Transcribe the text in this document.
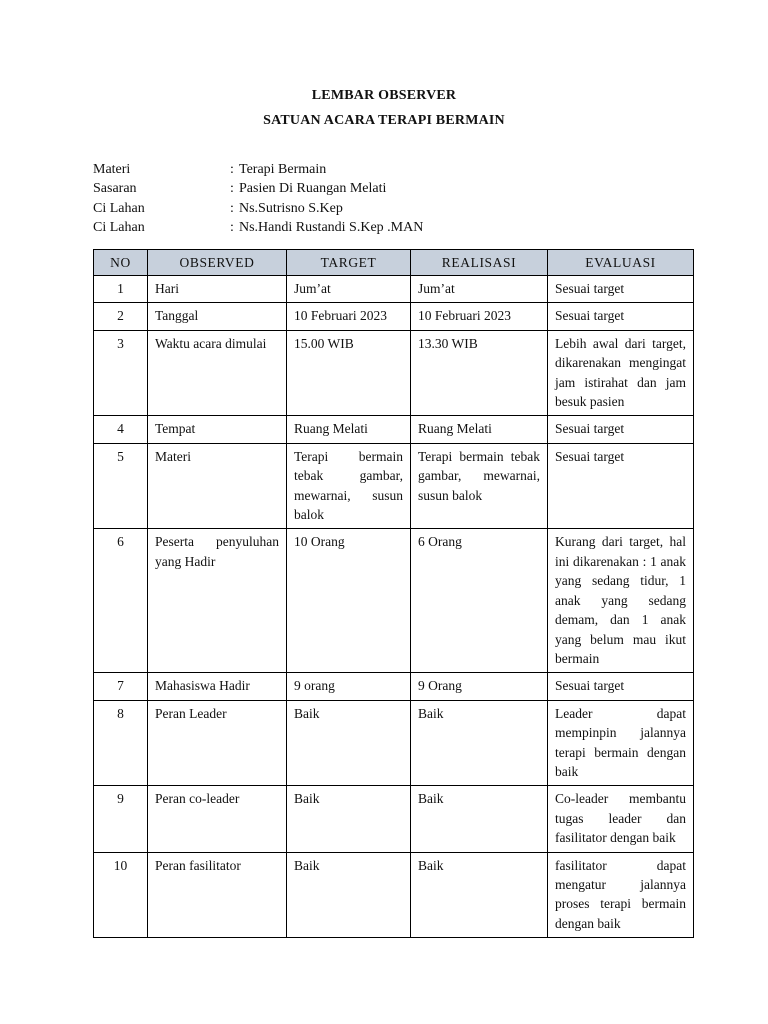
LEMBAR OBSERVER
SATUAN ACARA TERAPI BERMAIN
Materi	: Terapi Bermain
Sasaran	: Pasien Di Ruangan Melati
Ci Lahan	: Ns.Sutrisno S.Kep
Ci Lahan	: Ns.Handi Rustandi S.Kep .MAN
NO	OBSERVED	TARGET	REALISASI	EVALUASI
1	Hari	Jum’at	Jum’at	Sesuai target
2	Tanggal	10 Februari 2023	10 Februari 2023	Sesuai target
3	Waktu acara dimulai	15.00 WIB	13.30 WIB	Lebih awal dari target, dikarenakan mengingat jam istirahat dan jam besuk pasien
4	Tempat	Ruang Melati	Ruang Melati	Sesuai target
5	Materi	Terapi bermain tebak gambar, mewarnai, susun balok	Terapi bermain tebak gambar, mewarnai, susun balok	Sesuai target
6	Peserta penyuluhan yang Hadir	10 Orang	6 Orang	Kurang dari target, hal ini dikarenakan : 1 anak yang sedang tidur, 1 anak yang sedang demam, dan 1 anak yang belum mau ikut bermain
7	Mahasiswa Hadir	9 orang	9 Orang	Sesuai target
8	Peran Leader	Baik	Baik	Leader dapat mempinpin jalannya terapi bermain dengan baik
9	Peran co-leader	Baik	Baik	Co-leader membantu tugas leader dan fasilitator dengan baik
10	Peran fasilitator	Baik	Baik	fasilitator dapat mengatur jalannya proses terapi bermain dengan baik
